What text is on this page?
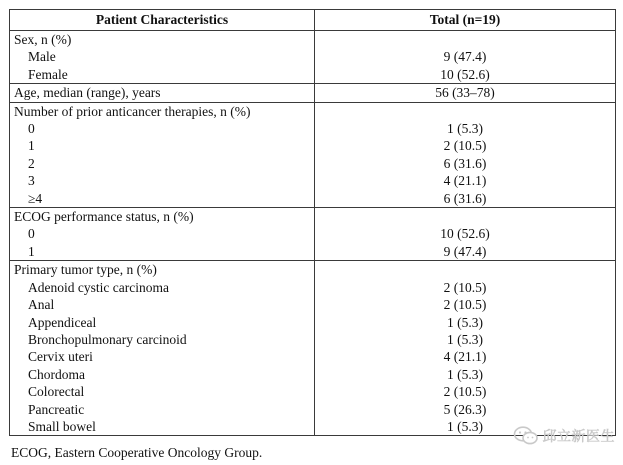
Patient Characteristics	Total (n=19)
Sex, n (%)	
Male	9 (47.4)
Female	10 (52.6)
Age, median (range), years	56 (33–78)
Number of prior anticancer therapies, n (%)	
0	1 (5.3)
1	2 (10.5)
2	6 (31.6)
3	4 (21.1)
≥4	6 (31.6)
ECOG performance status, n (%)	
0	10 (52.6)
1	9 (47.4)
Primary tumor type, n (%)	
Adenoid cystic carcinoma	2 (10.5)
Anal	2 (10.5)
Appendiceal	1 (5.3)
Bronchopulmonary carcinoid	1 (5.3)
Cervix uteri	4 (21.1)
Chordoma	1 (5.3)
Colorectal	2 (10.5)
Pancreatic	5 (26.3)
Small bowel	1 (5.3)
ECOG, Eastern Cooperative Oncology Group.
邱立新医生
